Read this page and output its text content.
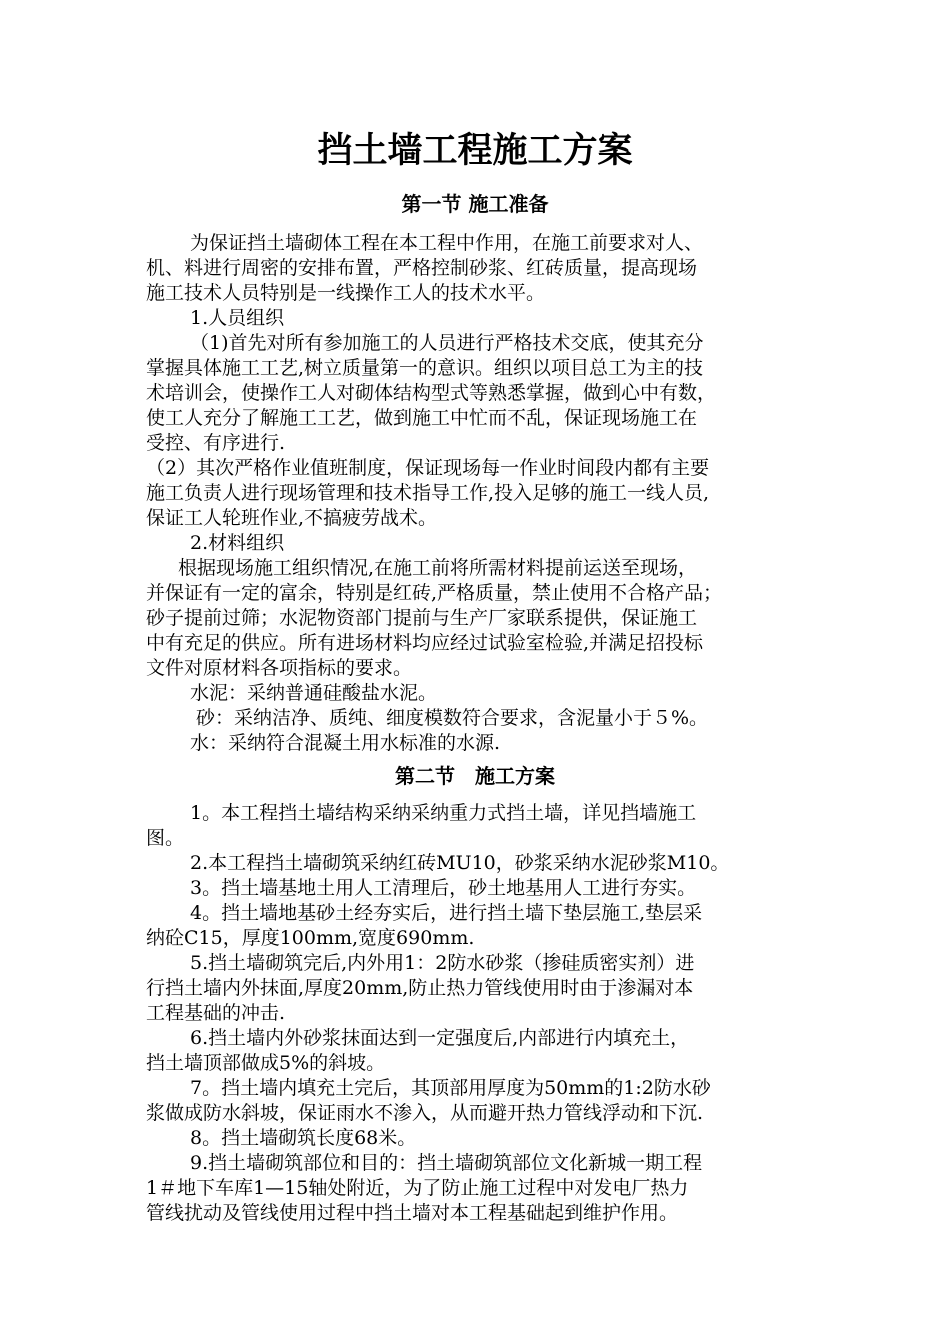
挡土墙工程施工方案
第一节 施工准备
为保证挡土墙砌体工程在本工程中作用，在施工前要求对人、
机、料进行周密的安排布置，严格控制砂浆、红砖质量，提高现场
施工技术人员特别是一线操作工人的技术水平。
1.人员组织
（1)首先对所有参加施工的人员进行严格技术交底，使其充分
掌握具体施工工艺,树立质量第一的意识。组织以项目总工为主的技
术培训会，使操作工人对砌体结构型式等熟悉掌握，做到心中有数，
使工人充分了解施工工艺，做到施工中忙而不乱，保证现场施工在
受控、有序进行.
（2）其次严格作业值班制度，保证现场每一作业时间段内都有主要
施工负责人进行现场管理和技术指导工作,投入足够的施工一线人员,
保证工人轮班作业,不搞疲劳战术。
2.材料组织
根据现场施工组织情况,在施工前将所需材料提前运送至现场，
并保证有一定的富余，特别是红砖,严格质量，禁止使用不合格产品；
砂子提前过筛；水泥物资部门提前与生产厂家联系提供，保证施工
中有充足的供应。所有进场材料均应经过试验室检验,并满足招投标
文件对原材料各项指标的要求。
水泥：采纳普通硅酸盐水泥。
砂：采纳洁净、质纯、细度模数符合要求，含泥量小于５%。
水：采纳符合混凝土用水标准的水源.
第二节　施工方案
1。本工程挡土墙结构采纳采纳重力式挡土墙，详见挡墙施工
图。
2.本工程挡土墙砌筑采纳红砖MU10，砂浆采纳水泥砂浆M10。
3。挡土墙基地土用人工清理后，砂土地基用人工进行夯实。
4。挡土墙地基砂土经夯实后，进行挡土墙下垫层施工,垫层采
纳砼C15，厚度100mm,宽度690mm.
5.挡土墙砌筑完后,内外用1：2防水砂浆（掺硅质密实剂）进
行挡土墙内外抹面,厚度20mm,防止热力管线使用时由于渗漏对本
工程基础的冲击.
6.挡土墙内外砂浆抹面达到一定强度后,内部进行内填充土，
挡土墙顶部做成5%的斜坡。
7。挡土墙内填充土完后，其顶部用厚度为50mm的1:2防水砂
浆做成防水斜坡，保证雨水不渗入，从而避开热力管线浮动和下沉.
8。挡土墙砌筑长度68米。
9.挡土墙砌筑部位和目的：挡土墙砌筑部位文化新城一期工程
1＃地下车库1—15轴处附近，为了防止施工过程中对发电厂热力
管线扰动及管线使用过程中挡土墙对本工程基础起到维护作用。
